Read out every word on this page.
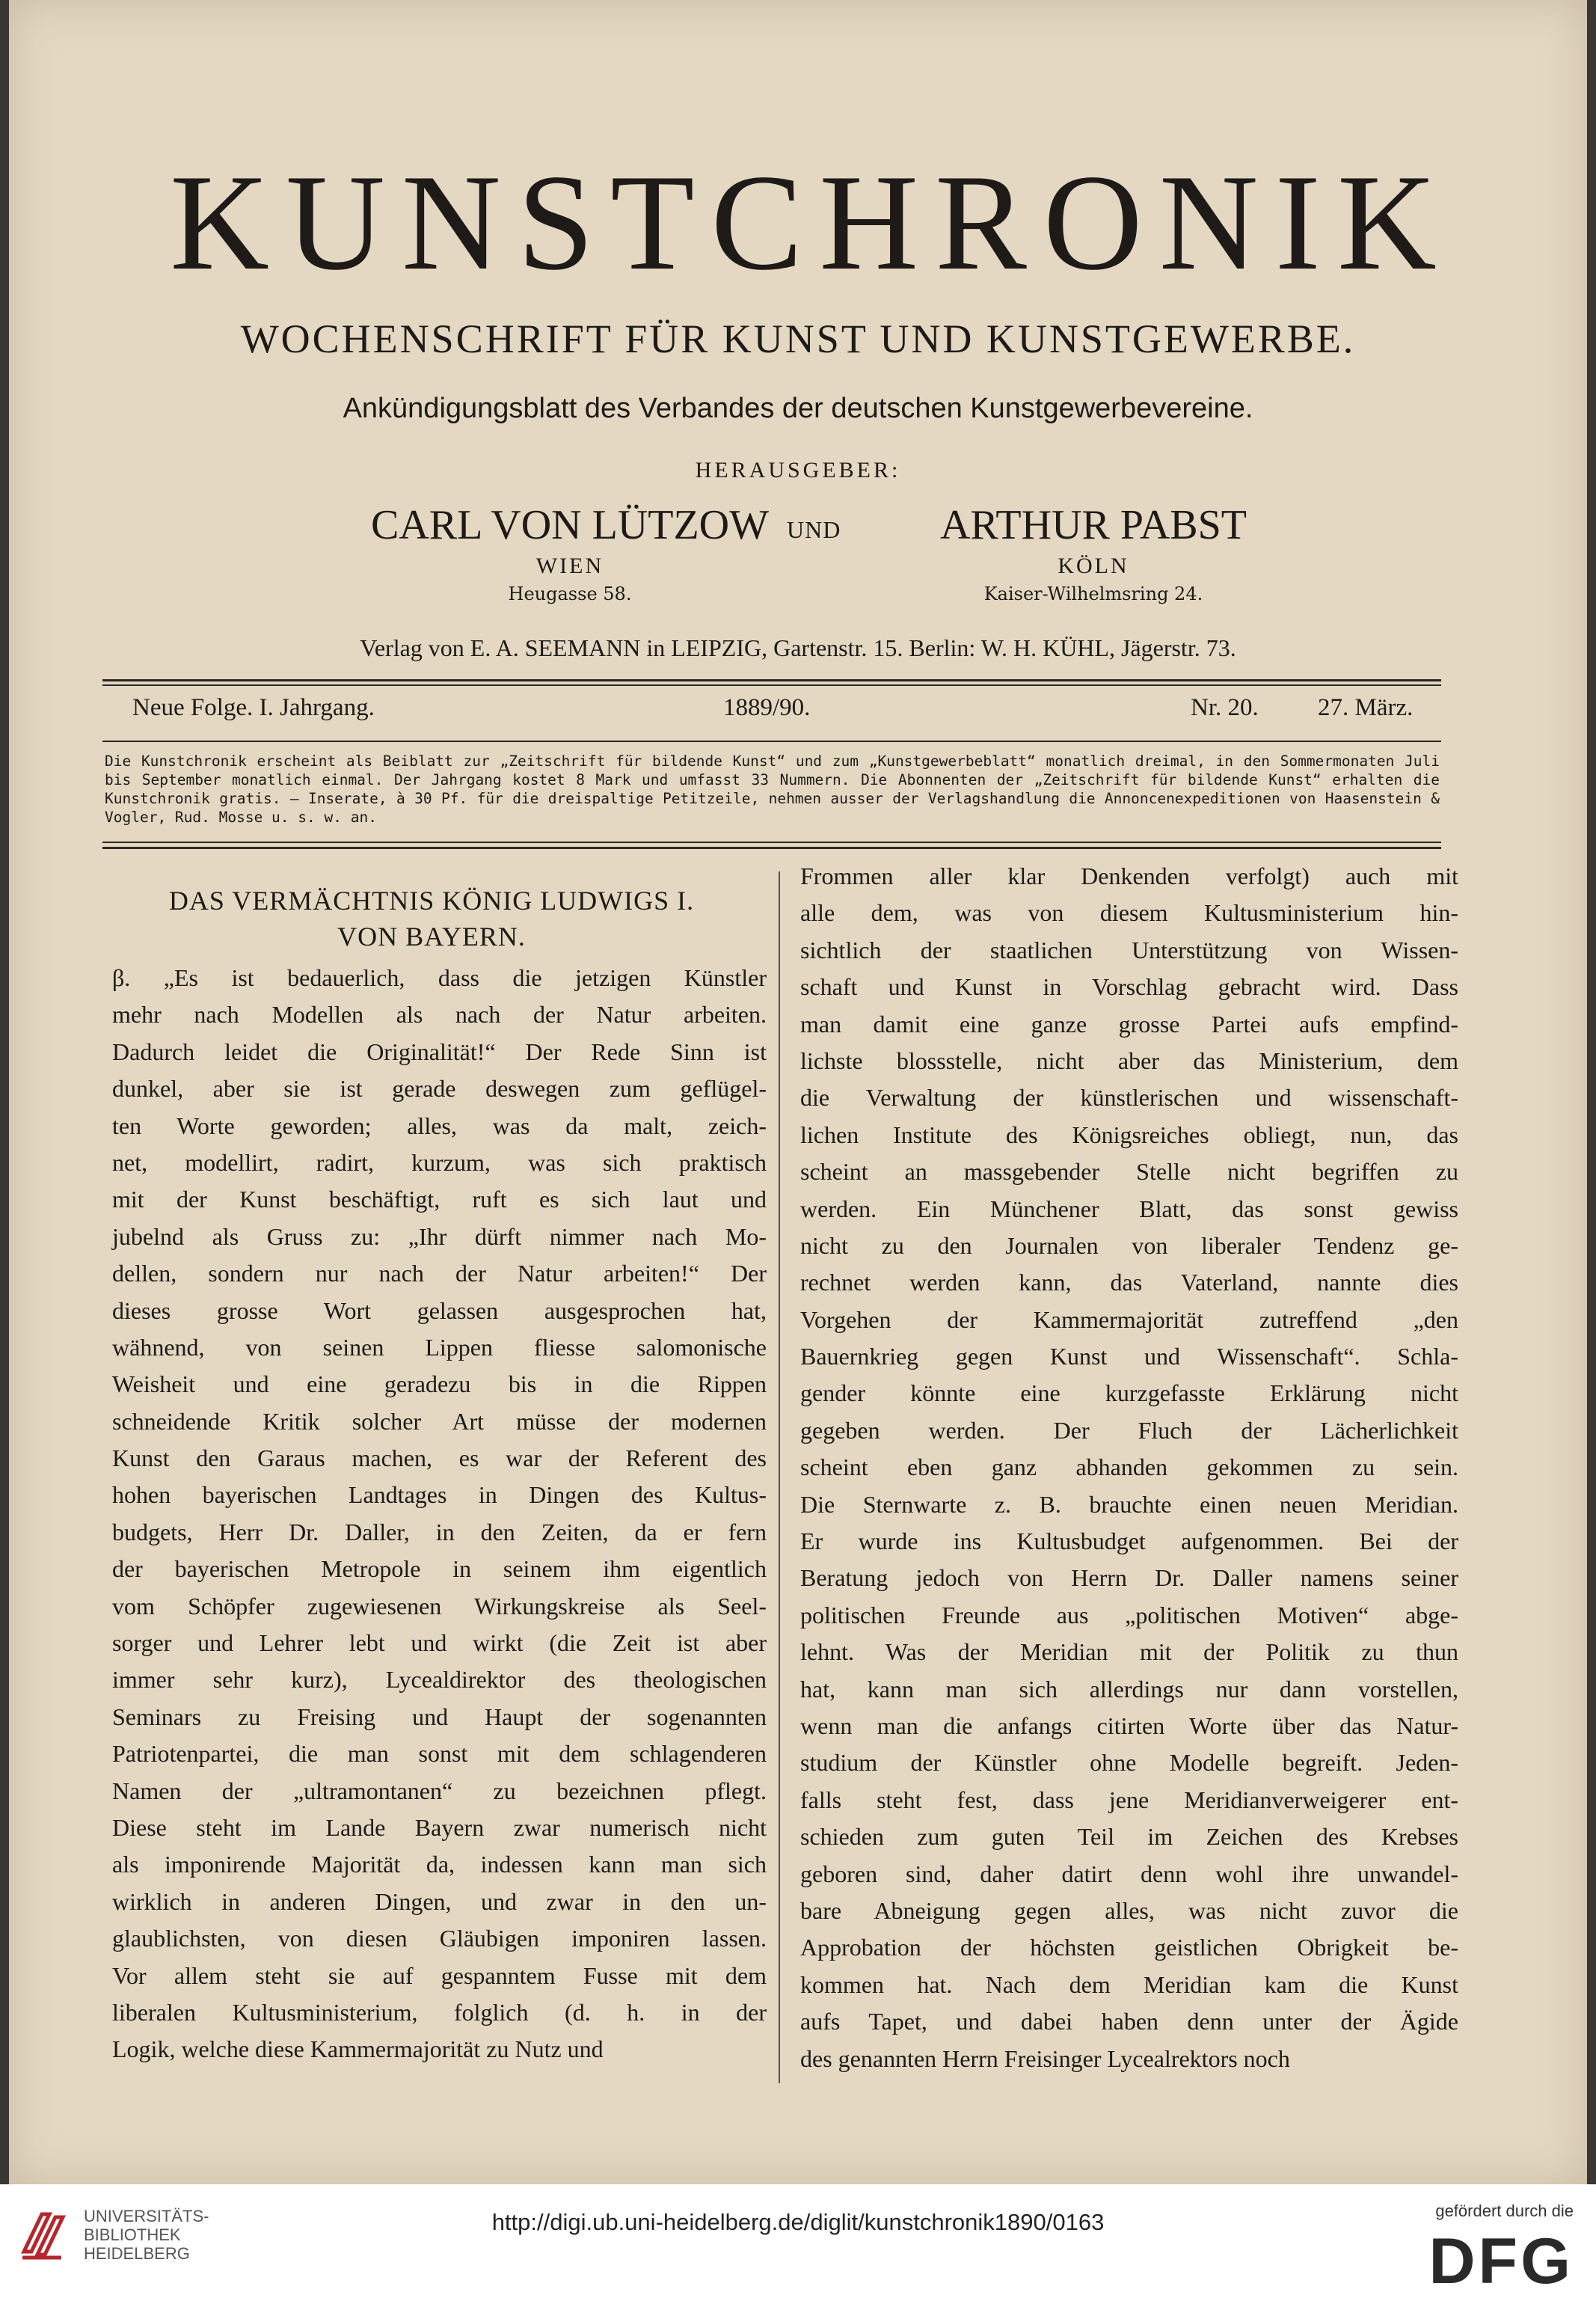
KUNSTCHRONIK
WOCHENSCHRIFT FÜR KUNST UND KUNSTGEWERBE.
Ankündigungsblatt des Verbandes der deutschen Kunstgewerbevereine.
HERAUSGEBER:
CARL VON LÜTZOW
WIEN
Heugasse 58.
UND	ARTHUR PABST
KÖLN
Kaiser-Wilhelmsring 24.
Verlag von E. A. SEEMANN in LEIPZIG, Gartenstr. 15. Berlin: W. H. KÜHL, Jägerstr. 73.
Neue Folge. I. Jahrgang.	1889/90.	Nr. 20. 27. März.
Die Kunstchronik erscheint als Beiblatt zur „Zeitschrift für bildende Kunst“ und zum „Kunstgewerbeblatt“ monatlich dreimal, in den Sommermonaten Juli bis September monatlich einmal. Der Jahrgang kostet 8 Mark und umfasst 33 Nummern. Die Abonnenten der „Zeitschrift für bildende Kunst“ erhalten die Kunstchronik gratis. — Inserate, à 30 Pf. für die dreispaltige Petitzeile, nehmen ausser der Verlagshandlung die Annoncenexpeditionen von Haasenstein & Vogler, Rud. Mosse u. s. w. an.
DAS VERMÄCHTNIS KÖNIG LUDWIGS I.
VON BAYERN.
β. „Es ist bedauerlich, dass die jetzigen Künstler
mehr nach Modellen als nach der Natur arbeiten.
Dadurch leidet die Originalität!“ Der Rede Sinn ist
dunkel, aber sie ist gerade deswegen zum geflügel-
ten Worte geworden; alles, was da malt, zeich-
net, modellirt, radirt, kurzum, was sich praktisch
mit der Kunst beschäftigt, ruft es sich laut und
jubelnd als Gruss zu: „Ihr dürft nimmer nach Mo-
dellen, sondern nur nach der Natur arbeiten!“ Der
dieses grosse Wort gelassen ausgesprochen hat,
wähnend, von seinen Lippen fliesse salomonische
Weisheit und eine geradezu bis in die Rippen
schneidende Kritik solcher Art müsse der modernen
Kunst den Garaus machen, es war der Referent des
hohen bayerischen Landtages in Dingen des Kultus-
budgets, Herr Dr. Daller, in den Zeiten, da er fern
der bayerischen Metropole in seinem ihm eigentlich
vom Schöpfer zugewiesenen Wirkungskreise als Seel-
sorger und Lehrer lebt und wirkt (die Zeit ist aber
immer sehr kurz), Lycealdirektor des theologischen
Seminars zu Freising und Haupt der sogenannten
Patriotenpartei, die man sonst mit dem schlagenderen
Namen der „ultramontanen“ zu bezeichnen pflegt.
Diese steht im Lande Bayern zwar numerisch nicht
als imponirende Majorität da, indessen kann man sich
wirklich in anderen Dingen, und zwar in den un-
glaublichsten, von diesen Gläubigen imponiren lassen.
Vor allem steht sie auf gespanntem Fusse mit dem
liberalen Kultusministerium, folglich (d. h. in der
Logik, welche diese Kammermajorität zu Nutz und
Frommen aller klar Denkenden verfolgt) auch mit
alle dem, was von diesem Kultusministerium hin-
sichtlich der staatlichen Unterstützung von Wissen-
schaft und Kunst in Vorschlag gebracht wird. Dass
man damit eine ganze grosse Partei aufs empfind-
lichste blossstelle, nicht aber das Ministerium, dem
die Verwaltung der künstlerischen und wissenschaft-
lichen Institute des Königsreiches obliegt, nun, das
scheint an massgebender Stelle nicht begriffen zu
werden. Ein Münchener Blatt, das sonst gewiss
nicht zu den Journalen von liberaler Tendenz ge-
rechnet werden kann, das Vaterland, nannte dies
Vorgehen der Kammermajorität zutreffend „den
Bauernkrieg gegen Kunst und Wissenschaft“. Schla-
gender könnte eine kurzgefasste Erklärung nicht
gegeben werden. Der Fluch der Lächerlichkeit
scheint eben ganz abhanden gekommen zu sein.
Die Sternwarte z. B. brauchte einen neuen Meridian.
Er wurde ins Kultusbudget aufgenommen. Bei der
Beratung jedoch von Herrn Dr. Daller namens seiner
politischen Freunde aus „politischen Motiven“ abge-
lehnt. Was der Meridian mit der Politik zu thun
hat, kann man sich allerdings nur dann vorstellen,
wenn man die anfangs citirten Worte über das Natur-
studium der Künstler ohne Modelle begreift. Jeden-
falls steht fest, dass jene Meridianverweigerer ent-
schieden zum guten Teil im Zeichen des Krebses
geboren sind, daher datirt denn wohl ihre unwandel-
bare Abneigung gegen alles, was nicht zuvor die
Approbation der höchsten geistlichen Obrigkeit be-
kommen hat. Nach dem Meridian kam die Kunst
aufs Tapet, und dabei haben denn unter der Ägide
des genannten Herrn Freisinger Lycealrektors noch
UNIVERSITÄTS-
BIBLIOTHEK
HEIDELBERG
http://digi.ub.uni-heidelberg.de/diglit/kunstchronik1890/0163	gefördert durch die
DFG
